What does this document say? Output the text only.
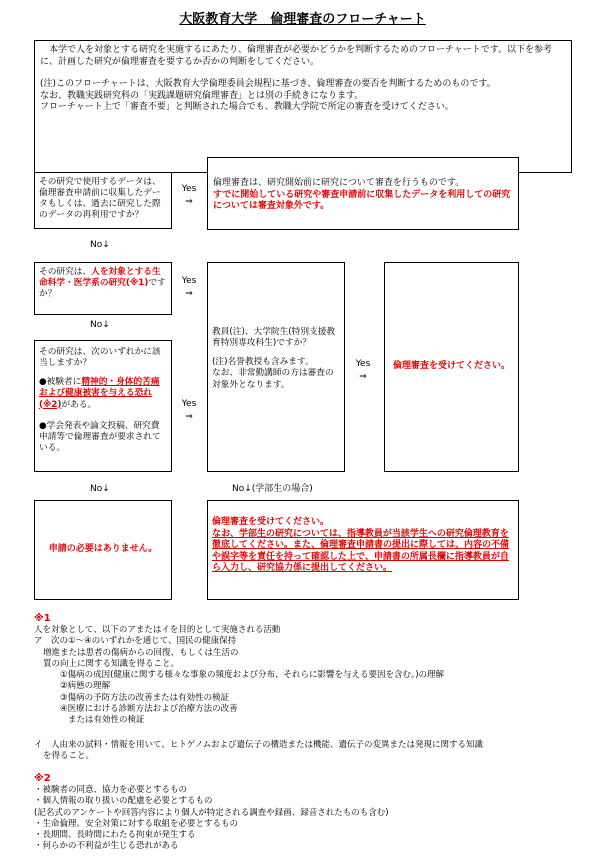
大阪教育大学　倫理審査のフローチャート

　本学で人を対象とする研究を実施するにあたり、倫理審査が必要かどうかを判断するためのフローチャートです。以下を参考に、計画した研究が倫理審査を要するか否かの判断をしてください。

(注)このフローチャートは、大阪教育大学倫理委員会規程に基づき、倫理審査の要否を判断するためのものです。

なお、教職実践研究科の「実践課題研究倫理審査」とは別の手続きになります。

フローチャート上で「審査不要」と判断された場合でも、教職大学院で所定の審査を受けてください。

その研究で使用するデータは、倫理審査申請前に収集したデータもしくは、過去に研究した際のデータの再利用ですか？
Yes
⇒
倫理審査は、研究開始前に研究について審査を行うものです。
すでに開始している研究や審査申請前に収集したデータを利用しての研究については審査対象外です。
No↓
その研究は、人を対象とする生命科学・医学系の研究(※1)ですか？
Yes
⇒
No↓

その研究は、次のいずれかに該当しますか？

●被験者に精神的・身体的苦痛および健康被害を与える恐れ(※2)がある。

●学会発表や論文投稿、研究費申請等で倫理審査が要求されている。

Yes
⇒

教員(注)、大学院生(特別支援教育特別専攻科生)ですか？

(注)名誉教授も含みます。

なお、非常勤講師の方は審査の対象外となります。

Yes
⇒
倫理審査を受けてください。
No↓	No↓(学部生の場合)
申請の必要はありません。
倫理審査を受けてください。
なお、学部生の研究については、指導教員が当該学生への研究倫理教育を徹底してください。また、倫理審査申請書の提出に際しては、内容の不備や誤字等を責任を持って確認した上で、申請書の所属長欄に指導教員が自ら入力し、研究協力係に提出してください。
※1
人を対象として、以下のアまたはイを目的として実施される活動
ア　次の①～④のいずれかを通じて、国民の健康保持
増進または患者の傷病からの回復、もしくは生活の
質の向上に関する知識を得ること。
①傷病の成因(健康に関する様々な事象の頻度および分布、それらに影響を与える要因を含む。)の理解
②病態の理解
③傷病の予防方法の改善または有効性の検証
④医療における診断方法および治療方法の改善
または有効性の検証
イ　人由来の試料・情報を用いて、ヒトゲノムおよび遺伝子の構造または機能、遺伝子の変異または発現に関する知識
を得ること。
※2
・被験者の同意、協力を必要とするもの
・個人情報の取り扱いの配慮を必要とするもの
(記名式のアンケートや回答内容により個人が特定される調査や録画、録音されたものも含む)
・生命倫理、安全対策に対する取組を必要とするもの
・長期間、長時間にわたる拘束が発生する
・何らかの不利益が生じる恐れがある
